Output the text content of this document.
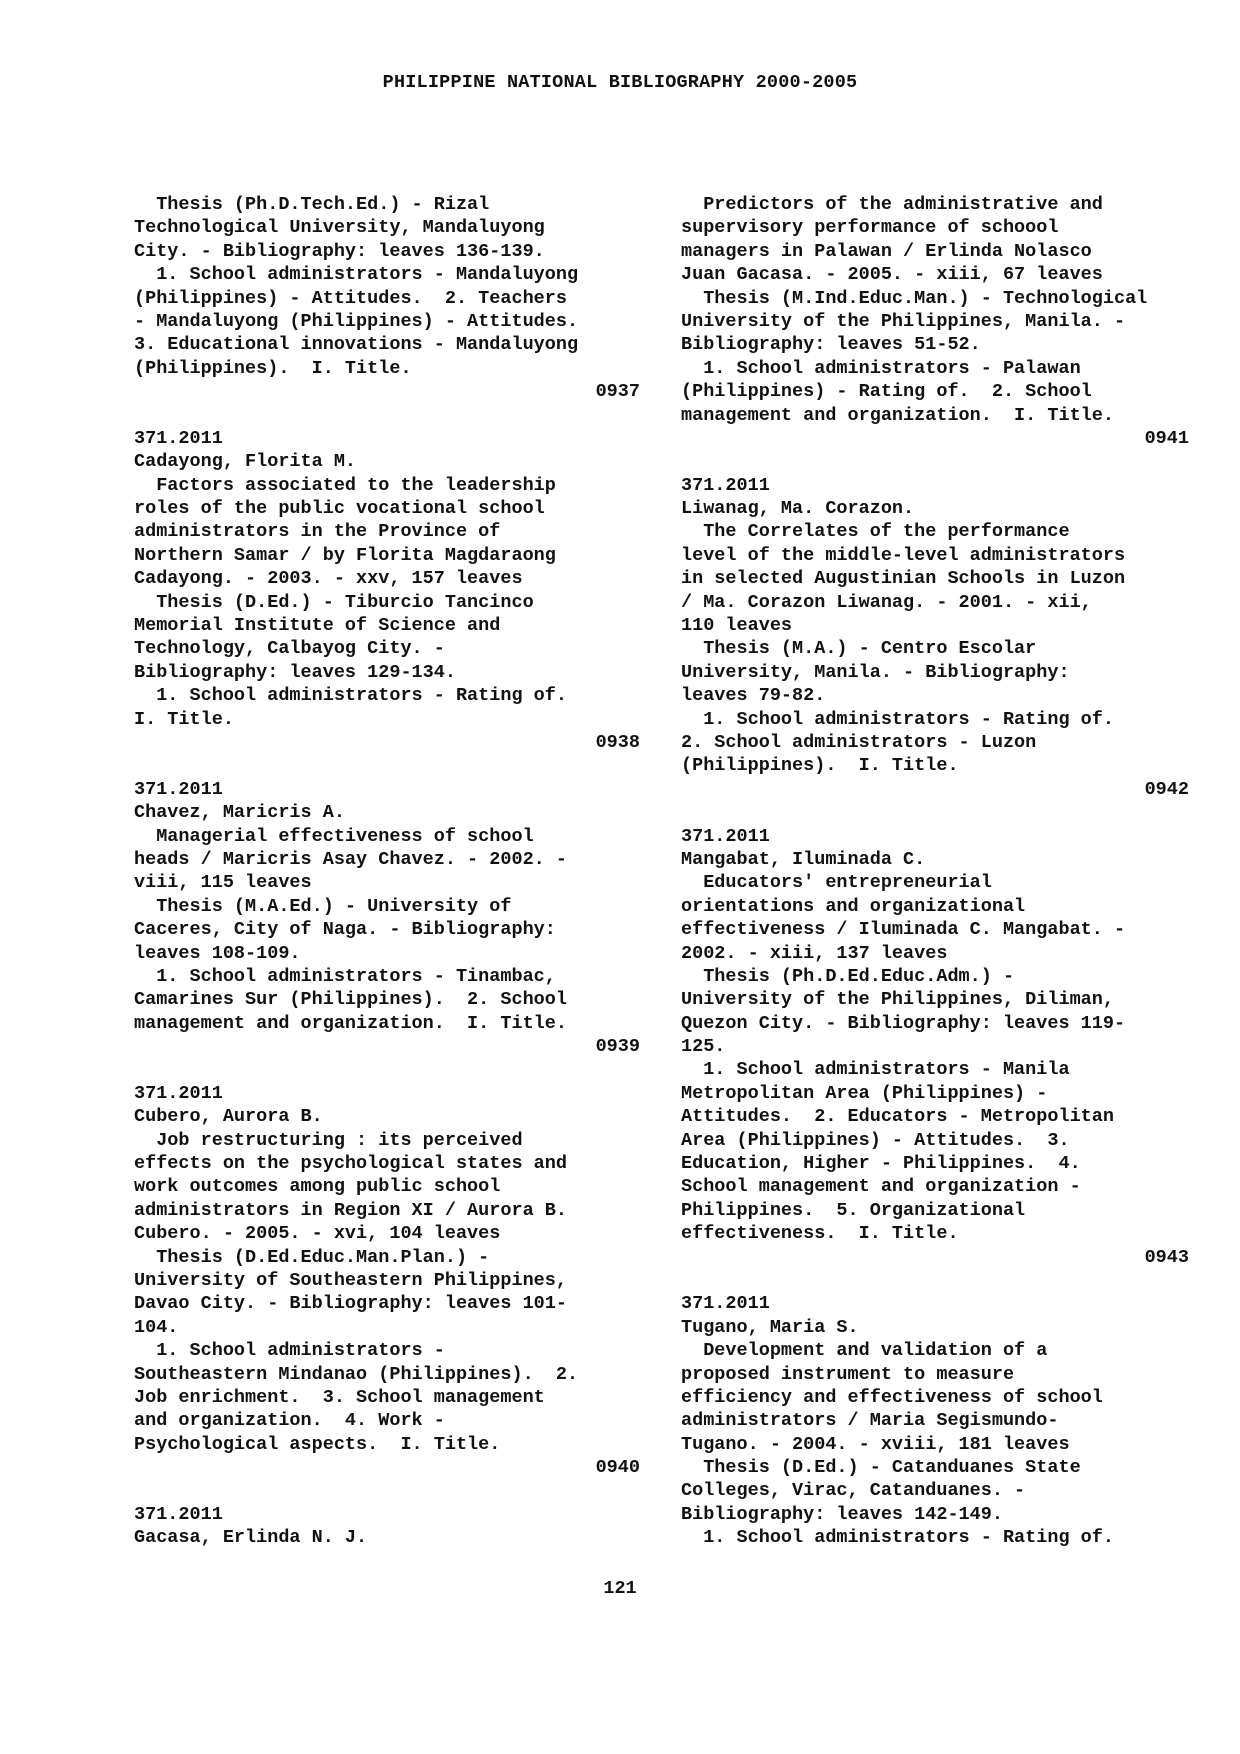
PHILIPPINE NATIONAL BIBLIOGRAPHY 2000-2005
Thesis (Ph.D.Tech.Ed.) - Rizal
Technological University, Mandaluyong
City. - Bibliography: leaves 136-139.
1. School administrators - Mandaluyong
(Philippines) - Attitudes.  2. Teachers
- Mandaluyong (Philippines) - Attitudes.
3. Educational innovations - Mandaluyong
(Philippines).  I. Title.
0937
371.2011
Cadayong, Florita M.
Factors associated to the leadership
roles of the public vocational school
administrators in the Province of
Northern Samar / by Florita Magdaraong
Cadayong. - 2003. - xxv, 157 leaves
Thesis (D.Ed.) - Tiburcio Tancinco
Memorial Institute of Science and
Technology, Calbayog City. -
Bibliography: leaves 129-134.
1. School administrators - Rating of.
I. Title.
0938
371.2011
Chavez, Maricris A.
Managerial effectiveness of school
heads / Maricris Asay Chavez. - 2002. -
viii, 115 leaves
Thesis (M.A.Ed.) - University of
Caceres, City of Naga. - Bibliography:
leaves 108-109.
1. School administrators - Tinambac,
Camarines Sur (Philippines).  2. School
management and organization.  I. Title.
0939
371.2011
Cubero, Aurora B.
Job restructuring : its perceived
effects on the psychological states and
work outcomes among public school
administrators in Region XI / Aurora B.
Cubero. - 2005. - xvi, 104 leaves
Thesis (D.Ed.Educ.Man.Plan.) -
University of Southeastern Philippines,
Davao City. - Bibliography: leaves 101-
104.
1. School administrators -
Southeastern Mindanao (Philippines).  2.
Job enrichment.  3. School management
and organization.  4. Work -
Psychological aspects.  I. Title.
0940
371.2011
Gacasa, Erlinda N. J.
Predictors of the administrative and
supervisory performance of schoool
managers in Palawan / Erlinda Nolasco
Juan Gacasa. - 2005. - xiii, 67 leaves
Thesis (M.Ind.Educ.Man.) - Technological
University of the Philippines, Manila. -
Bibliography: leaves 51-52.
1. School administrators - Palawan
(Philippines) - Rating of.  2. School
management and organization.  I. Title.
0941
371.2011
Liwanag, Ma. Corazon.
The Correlates of the performance
level of the middle-level administrators
in selected Augustinian Schools in Luzon
/ Ma. Corazon Liwanag. - 2001. - xii,
110 leaves
Thesis (M.A.) - Centro Escolar
University, Manila. - Bibliography:
leaves 79-82.
1. School administrators - Rating of.
2. School administrators - Luzon
(Philippines).  I. Title.
0942
371.2011
Mangabat, Iluminada C.
Educators' entrepreneurial
orientations and organizational
effectiveness / Iluminada C. Mangabat. -
2002. - xiii, 137 leaves
Thesis (Ph.D.Ed.Educ.Adm.) -
University of the Philippines, Diliman,
Quezon City. - Bibliography: leaves 119-
125.
1. School administrators - Manila
Metropolitan Area (Philippines) -
Attitudes.  2. Educators - Metropolitan
Area (Philippines) - Attitudes.  3.
Education, Higher - Philippines.  4.
School management and organization -
Philippines.  5. Organizational
effectiveness.  I. Title.
0943
371.2011
Tugano, Maria S.
Development and validation of a
proposed instrument to measure
efficiency and effectiveness of school
administrators / Maria Segismundo-
Tugano. - 2004. - xviii, 181 leaves
Thesis (D.Ed.) - Catanduanes State
Colleges, Virac, Catanduanes. -
Bibliography: leaves 142-149.
1. School administrators - Rating of.
121
